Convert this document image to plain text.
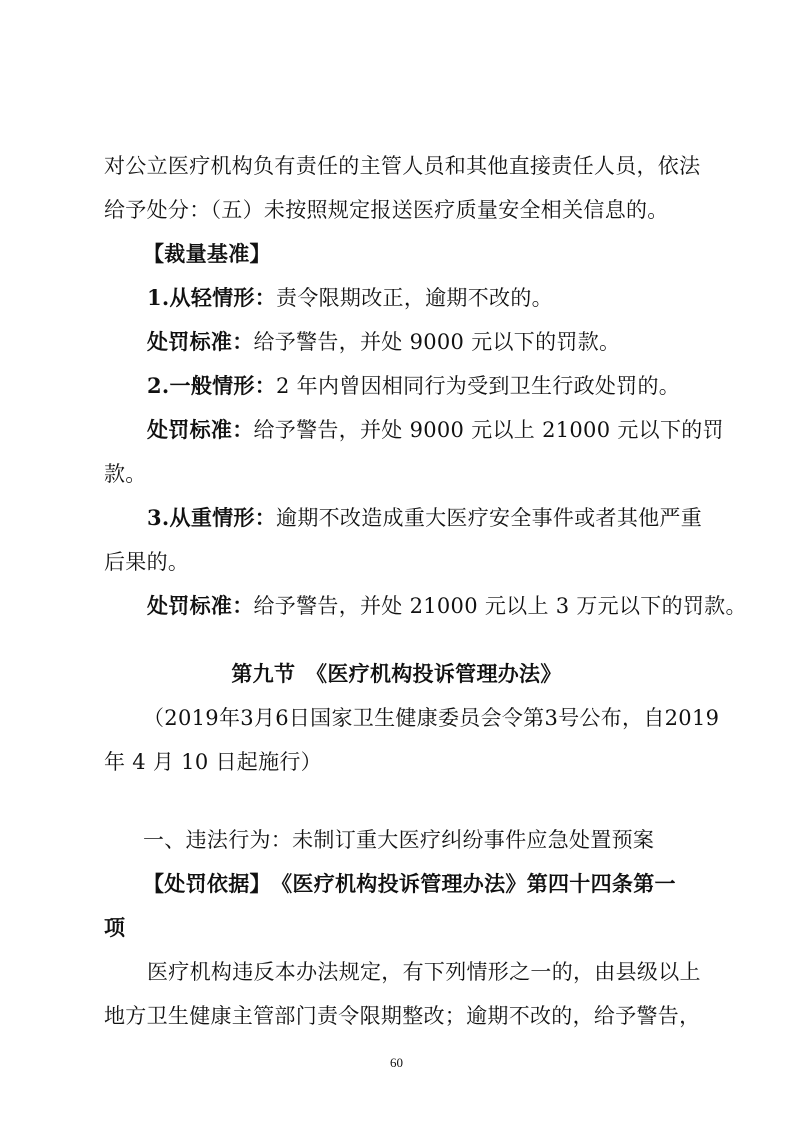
对公立医疗机构负有责任的主管人员和其他直接责任人员，依法
给予处分：（五）未按照规定报送医疗质量安全相关信息的。
【裁量基准】
1.从轻情形：责令限期改正，逾期不改的。
处罚标准：给予警告，并处 9000 元以下的罚款。
2.一般情形：2 年内曾因相同行为受到卫生行政处罚的。
处罚标准：给予警告，并处 9000 元以上 21000 元以下的罚
款。
3.从重情形：逾期不改造成重大医疗安全事件或者其他严重
后果的。
处罚标准：给予警告，并处 21000 元以上 3 万元以下的罚款。
第九节　《医疗机构投诉管理办法》
（2019年3月6日国家卫生健康委员会令第3号公布，自2019
年 4 月 10 日起施行）
一、违法行为：未制订重大医疗纠纷事件应急处置预案
【处罚依据】　《医疗机构投诉管理办法》第四十四条第一
项
医疗机构违反本办法规定，有下列情形之一的，由县级以上
地方卫生健康主管部门责令限期整改；逾期不改的，给予警告，
60
